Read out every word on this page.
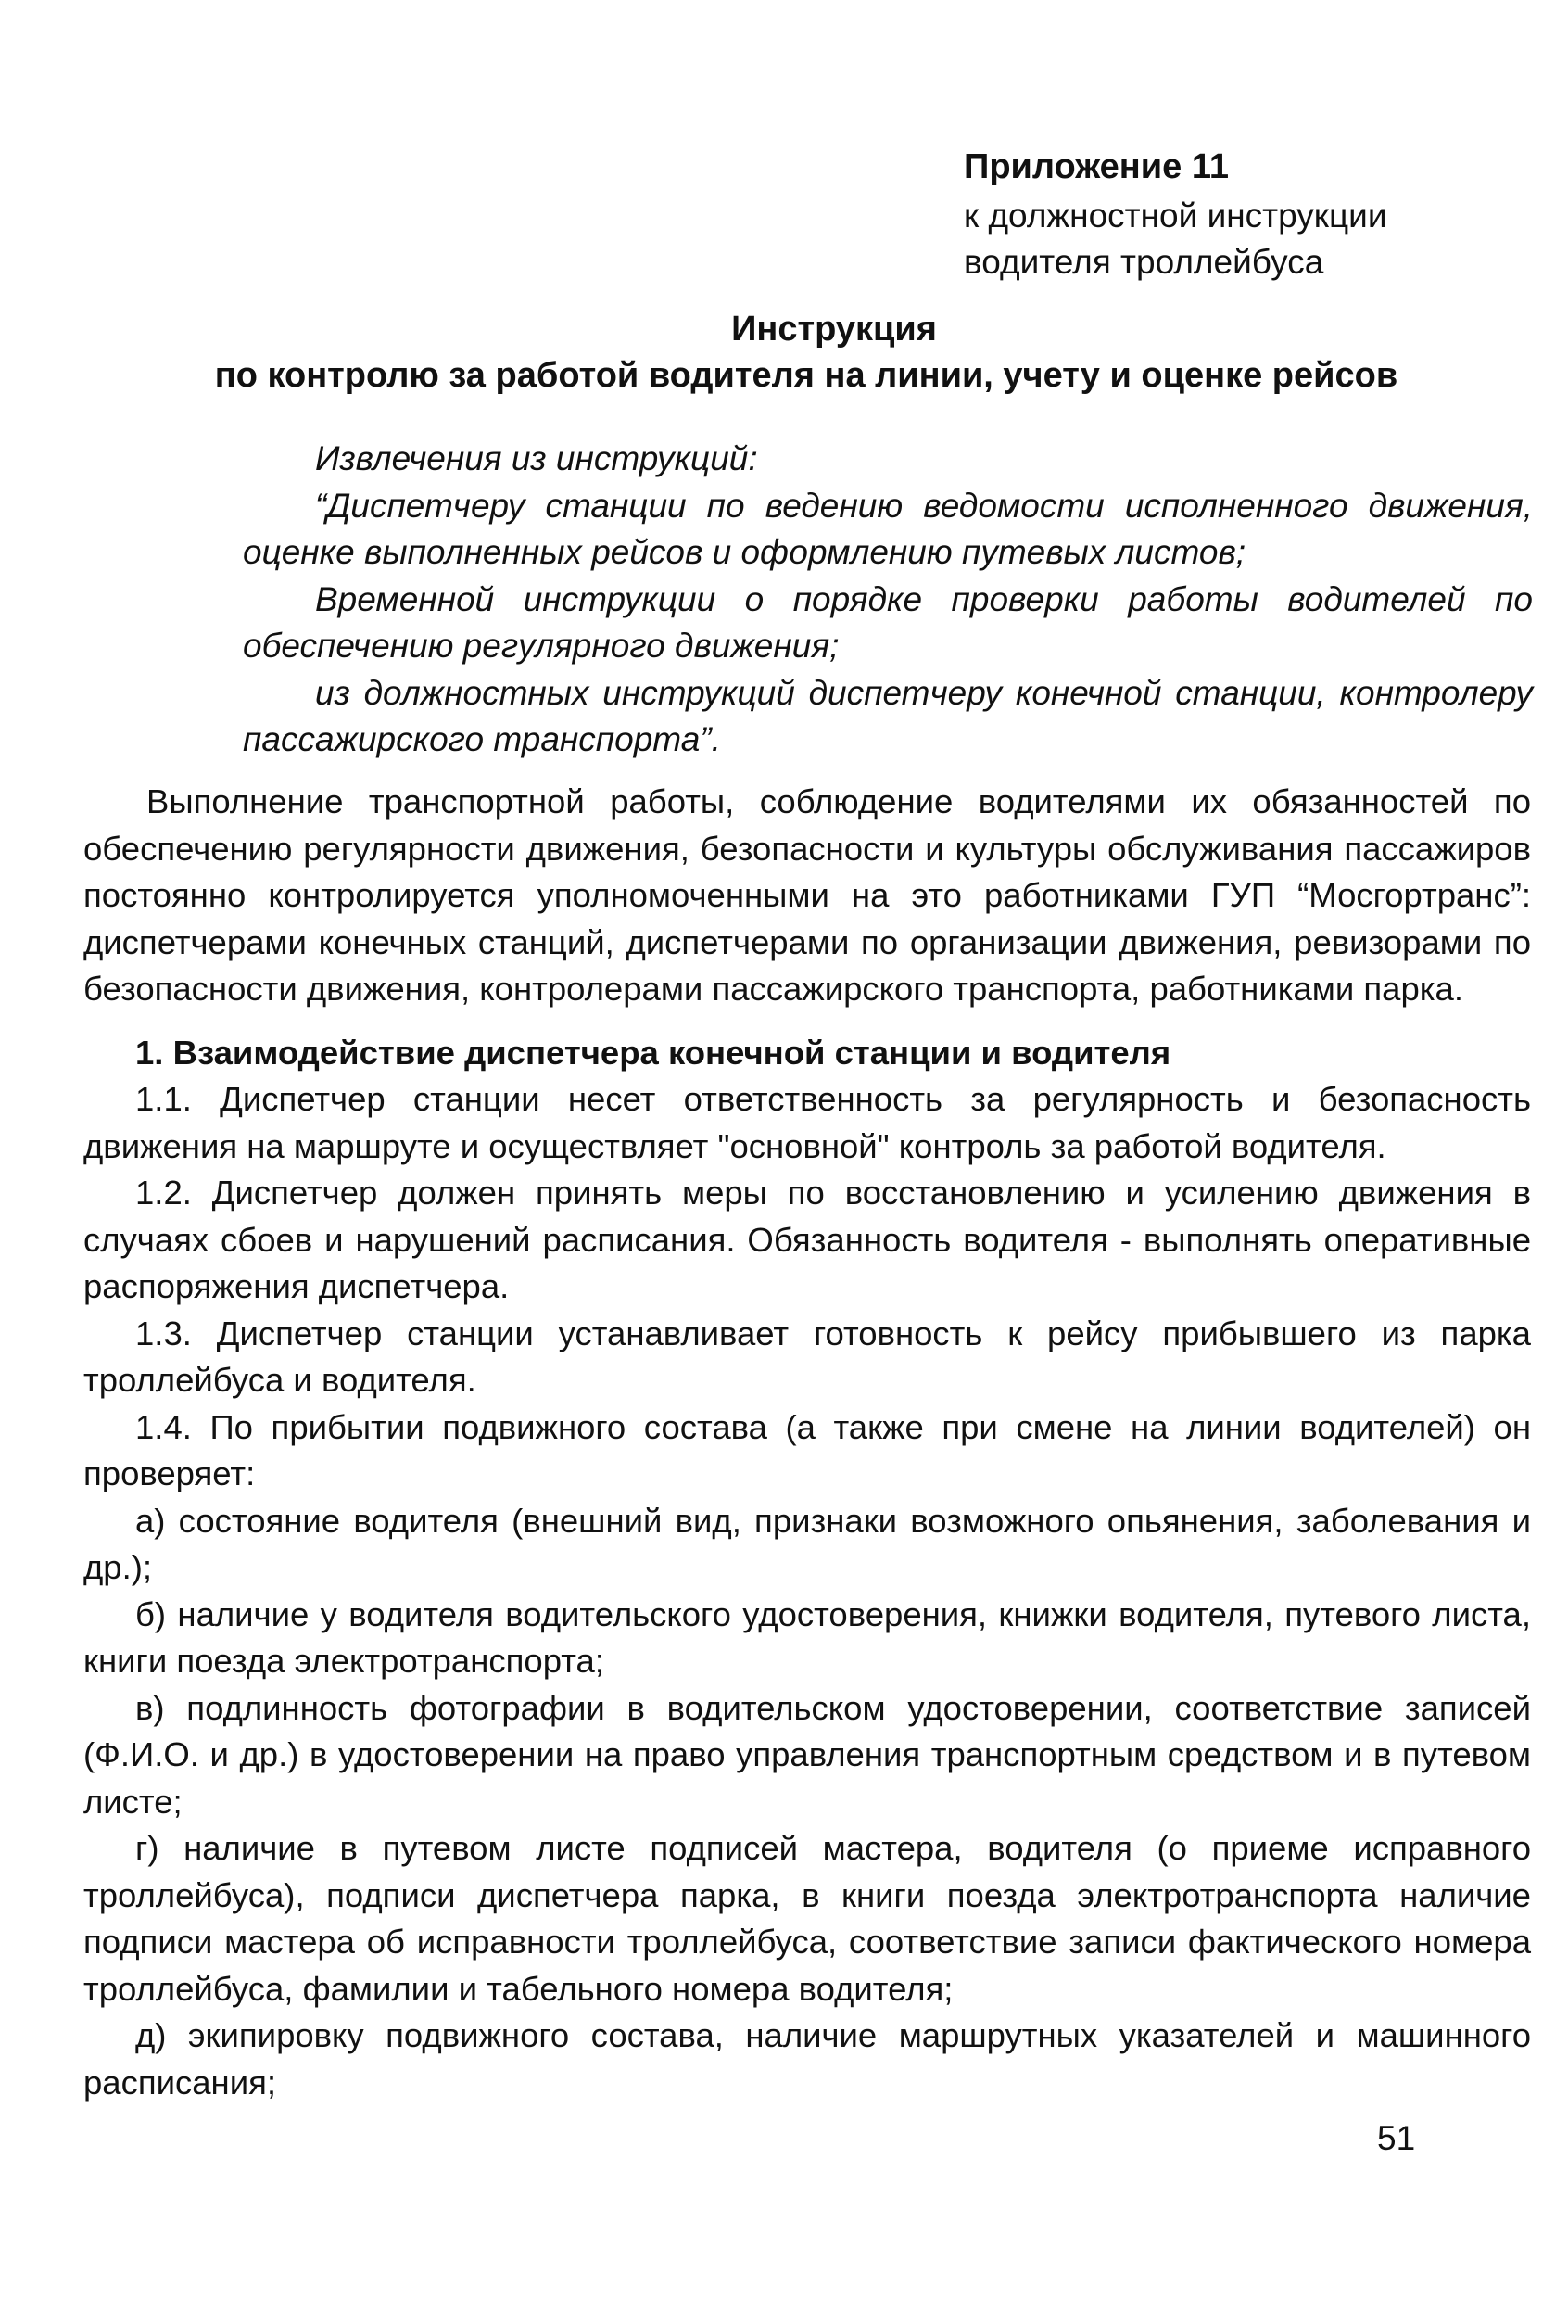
Приложение 11
к должностной инструкции
водителя троллейбуса
Инструкция
по контролю за работой водителя на линии, учету и оценке рейсов

Извлечения из инструкций:

“Диспетчеру станции по ведению ведомости исполненного движения, оценке выполненных рейсов и оформлению путевых листов;

Временной инструкции о порядке проверки работы водителей по обеспечению регулярного движения;

из должностных инструкций диспетчеру конечной станции, контролеру пассажирского транспорта”.

Выполнение транспортной работы, соблюдение водителями их обязанностей по обеспечению регулярности движения, безопасности и культуры обслуживания пассажиров постоянно контролируется уполномоченными на это работниками ГУП “Мосгортранс”: диспетчерами конечных станций, диспетчерами по организации движения, ревизорами по безопасности движения, контролерами пассажирского транспорта, работниками парка.

1. Взаимодействие диспетчера конечной станции и водителя

1.1. Диспетчер станции несет ответственность за регулярность и безопасность движения на маршруте и осуществляет "основной" контроль за работой водителя.

1.2. Диспетчер должен принять меры по восстановлению и усилению движения в случаях сбоев и нарушений расписания. Обязанность водителя - выполнять оперативные распоряжения диспетчера.

1.3. Диспетчер станции устанавливает готовность к рейсу прибывшего из парка троллейбуса и водителя.

1.4. По прибытии подвижного состава (а также при смене на линии водителей) он проверяет:

а) состояние водителя (внешний вид, признаки возможного опьянения, заболевания и др.);

б) наличие у водителя водительского удостоверения, книжки водителя, путевого листа, книги поезда электротранспорта;

в) подлинность фотографии в водительском удостоверении, соответствие записей (Ф.И.О. и др.) в удостоверении на право управления транспортным средством и в путевом листе;

г) наличие в путевом листе подписей мастера, водителя (о приеме исправного троллейбуса), подписи диспетчера парка, в книги поезда электротранспорта наличие подписи мастера об исправности троллейбуса, соответствие записи фактического номера троллейбуса, фамилии и табельного номера водителя;

д) экипировку подвижного состава, наличие маршрутных указателей и машинного расписания;

51
